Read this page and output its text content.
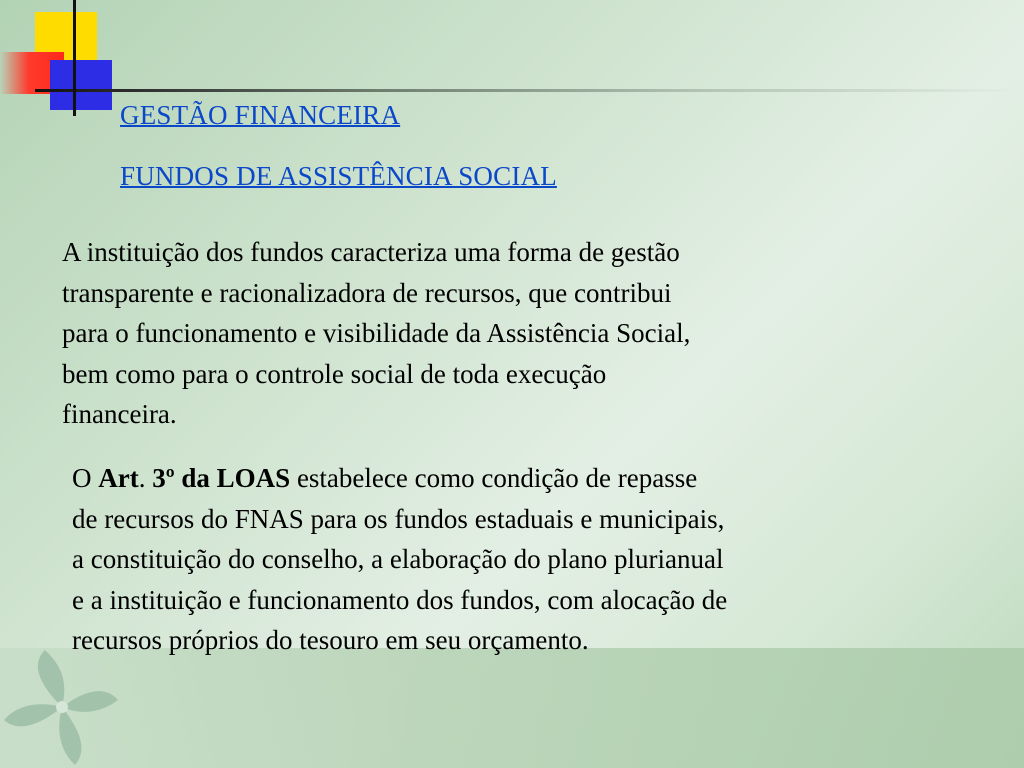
GESTÃO FINANCEIRA
FUNDOS DE ASSISTÊNCIA SOCIAL
A instituição dos fundos caracteriza uma forma de gestão
transparente e racionalizadora de recursos, que contribui
para o funcionamento e visibilidade da Assistência Social,
bem como para o controle social de toda execução
financeira.
O Art. 3º da LOAS estabelece como condição de repasse
de recursos do FNAS para os fundos estaduais e municipais,
a constituição do conselho, a elaboração do plano plurianual
e a instituição e funcionamento dos fundos, com alocação de
recursos próprios do tesouro em seu orçamento.
